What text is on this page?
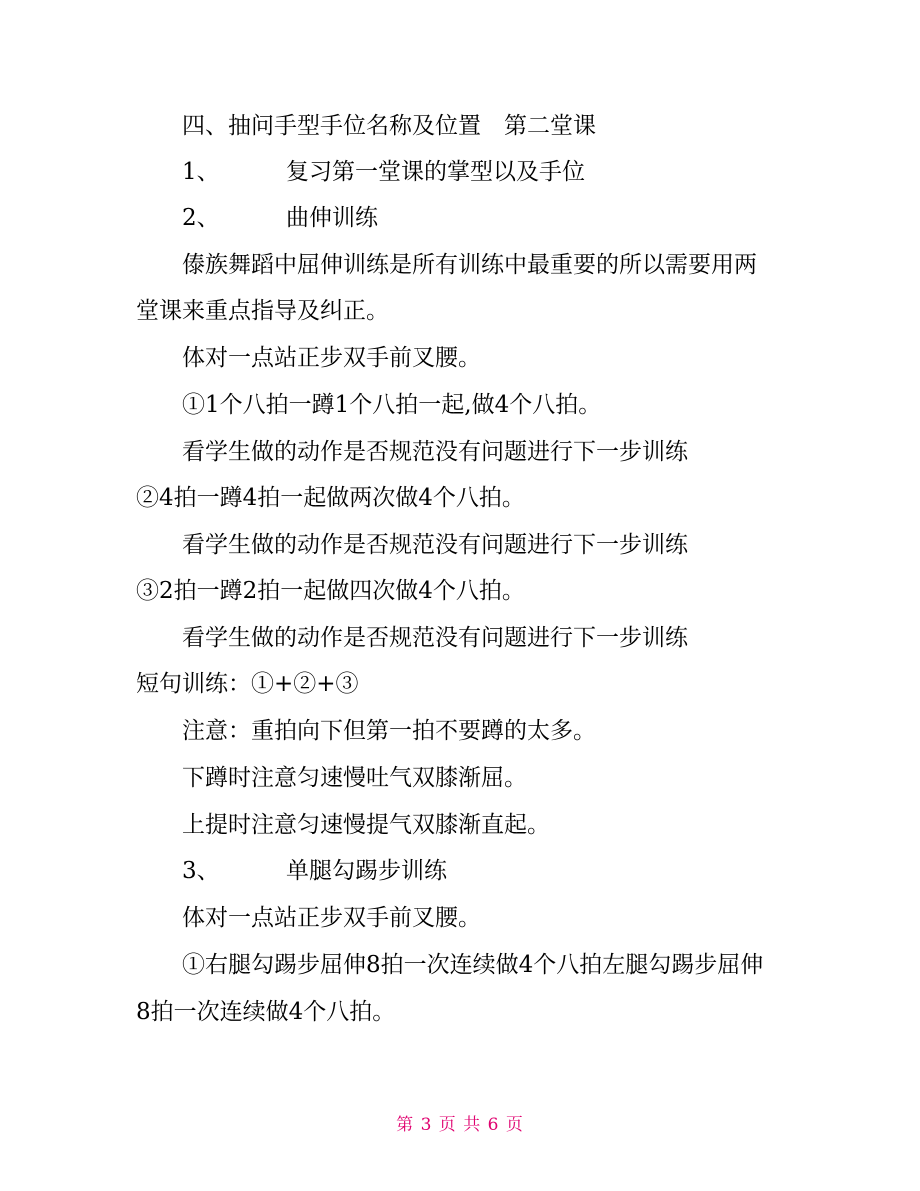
四、抽问手型手位名称及位置　第二堂课
1、	复习第一堂课的掌型以及手位
2、	曲伸训练
傣族舞蹈中屈伸训练是所有训练中最重要的所以需要用两
堂课来重点指导及纠正。
体对一点站正步双手前叉腰。
①1个八拍一蹲1个八拍一起,做4个八拍。
看学生做的动作是否规范没有问题进行下一步训练
②4拍一蹲4拍一起做两次做4个八拍。
看学生做的动作是否规范没有问题进行下一步训练
③2拍一蹲2拍一起做四次做4个八拍。
看学生做的动作是否规范没有问题进行下一步训练
短句训练：①+②+③
注意：重拍向下但第一拍不要蹲的太多。
下蹲时注意匀速慢吐气双膝渐屈。
上提时注意匀速慢提气双膝渐直起。
3、	单腿勾踢步训练
体对一点站正步双手前叉腰。
①右腿勾踢步屈伸8拍一次连续做4个八拍左腿勾踢步屈伸
8拍一次连续做4个八拍。
第 3 页 共 6 页
